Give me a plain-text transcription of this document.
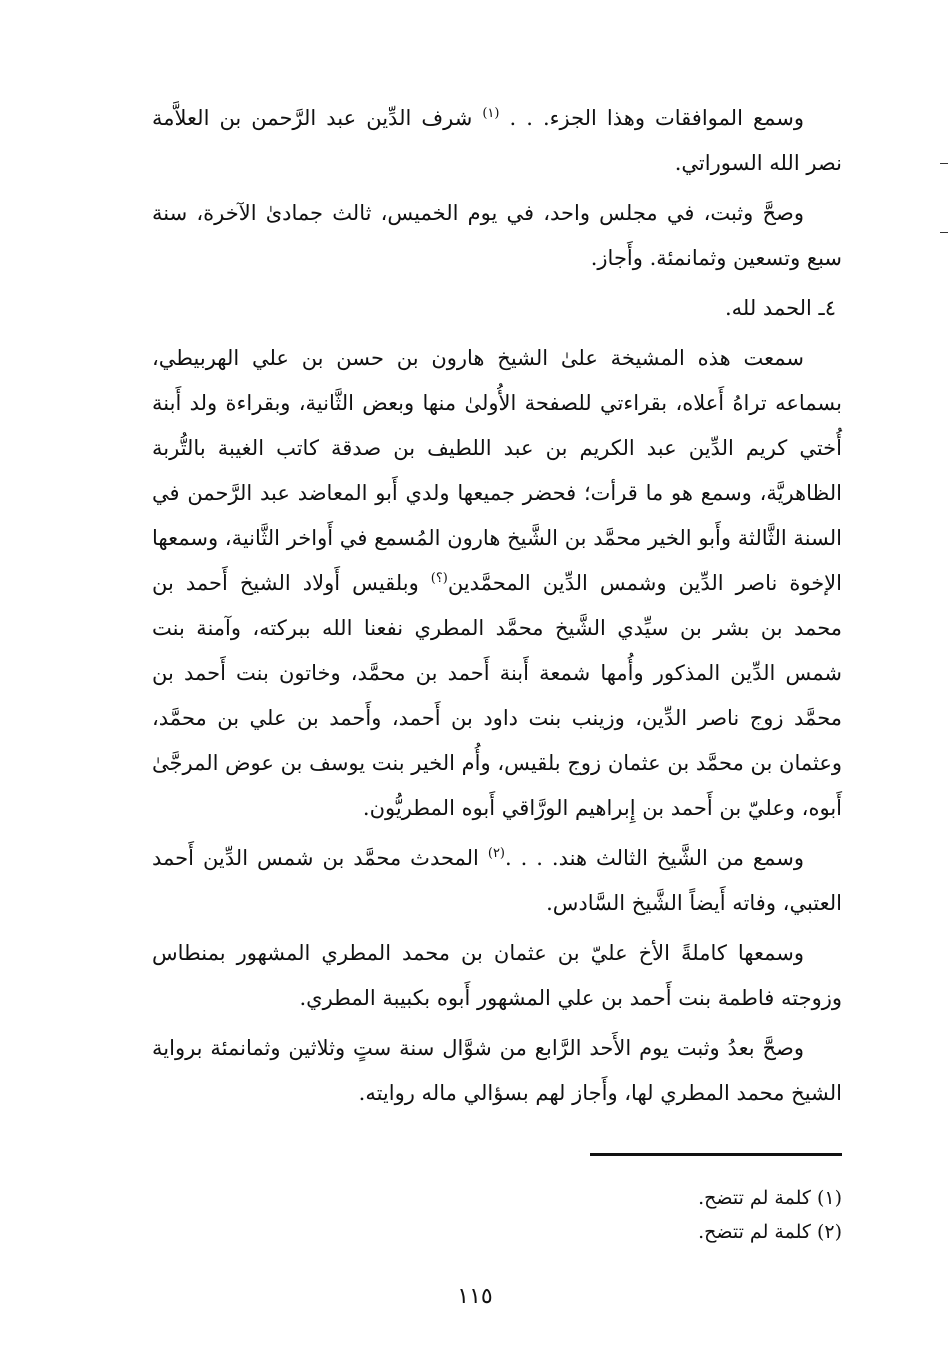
وسمع الموافقات وهذا الجزء. . . $^{(١)}$ شرف الدِّين عبد الرَّحمن بن العلاَّمة نصر الله السوراتي.

وصحَّ وثبت، في مجلس واحد، في يوم الخميس، ثالث جمادىٰ الآخرة، سنة سبع وتسعين وثمانمئة. وأَجاز.

٤ـ الحمد لله.

سمعت هذه المشيخة علىٰ الشيخ هارون بن حسن بن علي الهربيطي، بسماعه تراهُ أَعلاه، بقراءتي للصفحة الأُولىٰ منها وبعض الثَّانية، وبقراءة ولد أَبنة أُختي كريم الدِّين عبد الكريم بن عبد اللطيف بن صدقة كاتب الغيبة بالتُّربة الظاهريَّة، وسمع هو ما قرأت؛ فحضر جميعها ولدي أَبو المعاضد عبد الرَّحمن في السنة الثَّالثة وأَبو الخير محمَّد بن الشَّيخ هارون المُسمع في أَواخر الثَّانية، وسمعها الإخوة ناصر الدِّين وشمس الدِّين المحمَّدين(؟) وبلقيس أَولاد الشيخ أَحمد بن محمد بن بشر بن سيِّدي الشَّيخ محمَّد المطري نفعنا الله ببركته، وآمنة بنت شمس الدِّين المذكور وأُمها شمعة أَبنة أَحمد بن محمَّد، وخاتون بنت أَحمد بن محمَّد زوج ناصر الدِّين، وزينب بنت داود بن أَحمد، وأَحمد بن علي بن محمَّد، وعثمان بن محمَّد بن عثمان زوج بلقيس، وأُم الخير بنت يوسف بن عوض المرجَّىٰ أَبوه، وعليّ بن أَحمد بن إِبراهيم الورَّاقي أَبوه المطريُّون.

وسمع من الشَّيخ الثالث هند. . . .$^{(٢)}$ المحدث محمَّد بن شمس الدِّين أَحمد العتبي، وفاته أَيضاً الشَّيخ السَّادس.

وسمعها كاملةً الأخ عليّ بن عثمان بن محمد المطري المشهور بمنطاس وزوجته فاطمة بنت أَحمد بن علي المشهور أَبوه بكبيبة المطري.

وصحَّ بعدُ وثبت يوم الأَحد الرَّابع من شوَّال سنة ستٍ وثلاثين وثمانمئة برواية الشيخ محمد المطري لها، وأَجاز لهم بسؤالي ماله روايته.

(١) كلمة لم تتضح.

(٢) كلمة لم تتضح.

١١٥
